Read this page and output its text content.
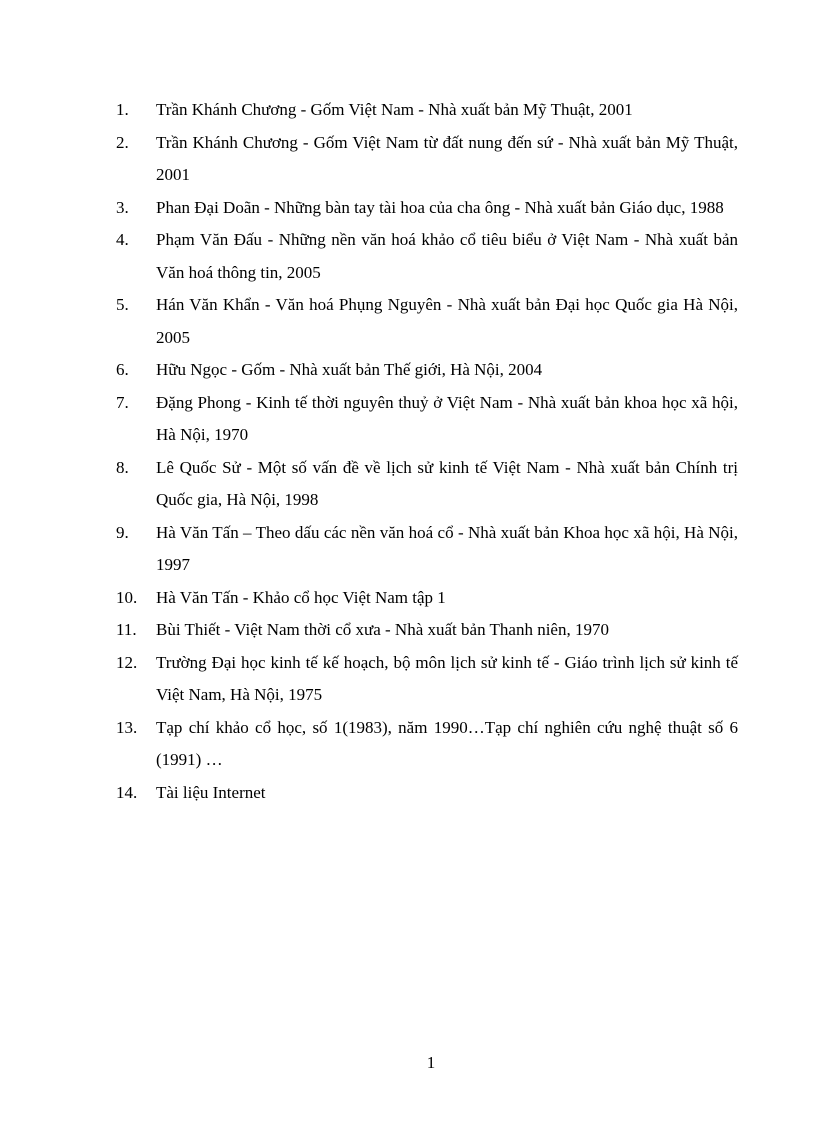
1.	Trần Khánh Chương - Gốm Việt Nam - Nhà xuất bản Mỹ Thuật, 2001
2.	Trần Khánh Chương - Gốm Việt Nam từ đất nung đến sứ - Nhà xuất bản Mỹ Thuật, 2001
3.	Phan Đại Doãn - Những bàn tay tài hoa của cha ông - Nhà xuất bản Giáo dục, 1988
4.	Phạm Văn Đấu - Những nền văn hoá khảo cổ tiêu biểu ở Việt Nam - Nhà xuất bản Văn hoá thông tin, 2005
5.	Hán Văn Khẩn - Văn hoá Phụng Nguyên - Nhà xuất bản Đại học Quốc gia Hà Nội, 2005
6.	Hữu Ngọc - Gốm - Nhà xuất bản Thế giới, Hà Nội, 2004
7.	Đặng Phong - Kinh tế thời nguyên thuỷ ở Việt Nam - Nhà xuất bản khoa học xã hội, Hà Nội, 1970
8.	Lê Quốc Sử - Một số vấn đề về lịch sử kinh tế Việt Nam - Nhà xuất bản Chính trị Quốc gia, Hà Nội, 1998
9.	Hà Văn Tấn – Theo dấu các nền văn hoá cổ - Nhà xuất bản Khoa học xã hội, Hà Nội, 1997
10.	Hà Văn Tấn - Khảo cổ học Việt Nam tập 1
11.	Bùi Thiết - Việt Nam thời cổ xưa - Nhà xuất bản Thanh niên, 1970
12.	Trường Đại học kinh tế kế hoạch, bộ môn lịch sử kinh tế - Giáo trình lịch sử kinh tế Việt Nam, Hà Nội, 1975
13.	Tạp chí khảo cổ học, số 1(1983), năm 1990…Tạp chí nghiên cứu nghệ thuật số 6 (1991) …
14.	Tài liệu Internet
1
